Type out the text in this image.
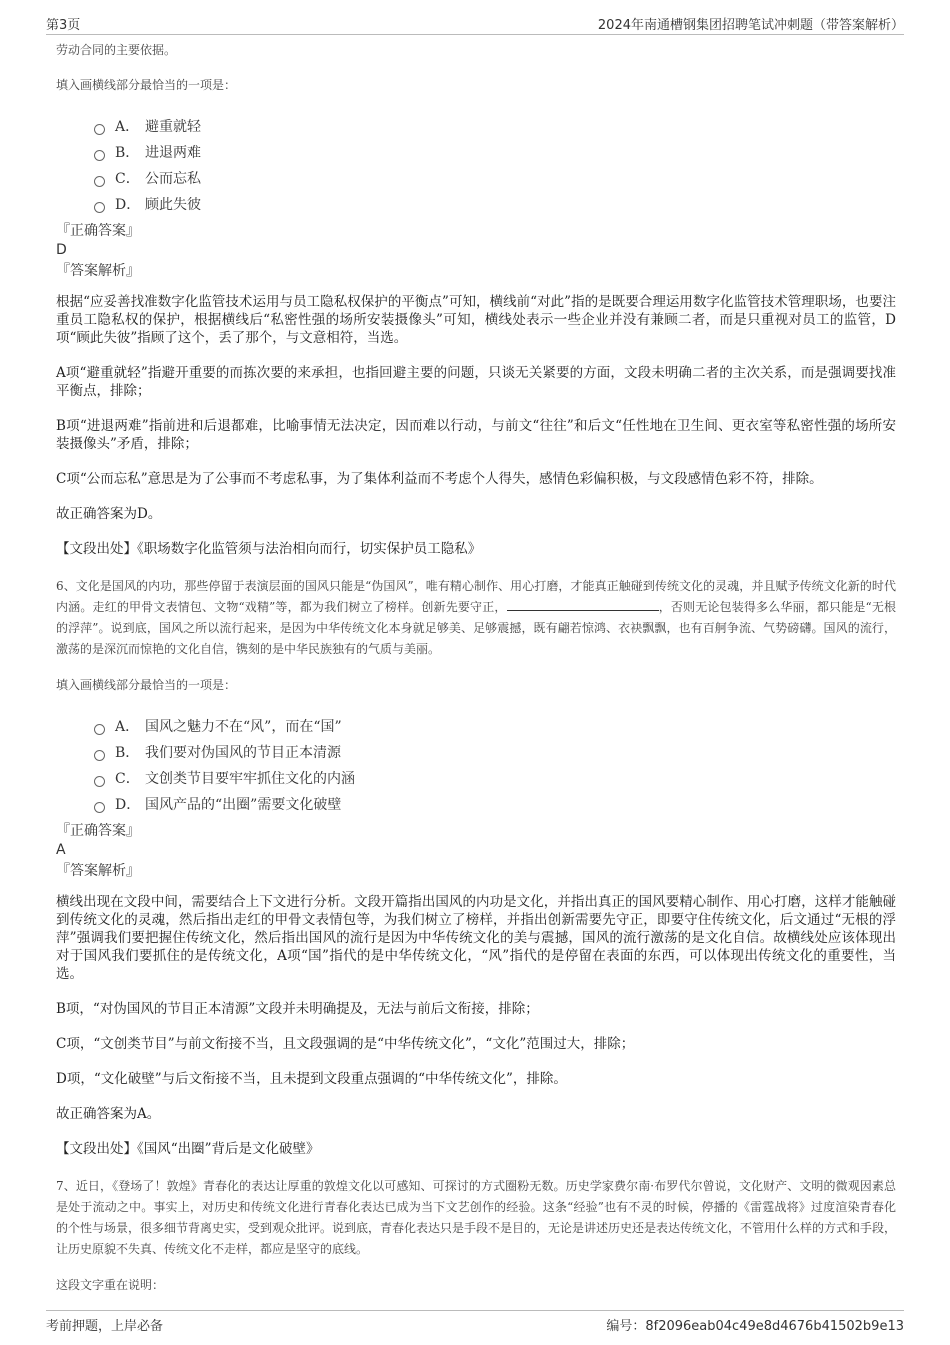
第3页	2024年南通槽钢集团招聘笔试冲刺题（带答案解析）
劳动合同的主要依据。
填入画横线部分最恰当的一项是：
A． 避重就轻
B． 进退两难
C． 公而忘私
D． 顾此失彼
『正确答案』
D
『答案解析』

根据“应妥善找准数字化监管技术运用与员工隐私权保护的平衡点”可知，横线前“对此”指的是既要合理运用数字化监管技术管理职场，也要注重员工隐私权的保护，根据横线后“私密性强的场所安装摄像头”可知，横线处表示一些企业并没有兼顾二者，而是只重视对员工的监管，D项“顾此失彼”指顾了这个，丢了那个，与文意相符，当选。

A项“避重就轻”指避开重要的而拣次要的来承担，也指回避主要的问题，只谈无关紧要的方面，文段未明确二者的主次关系，而是强调要找准平衡点，排除；

B项“进退两难”指前进和后退都难，比喻事情无法决定，因而难以行动，与前文“往往”和后文“任性地在卫生间、更衣室等私密性强的场所安装摄像头”矛盾，排除；

C项“公而忘私”意思是为了公事而不考虑私事，为了集体利益而不考虑个人得失，感情色彩偏积极，与文段感情色彩不符，排除。

故正确答案为D。

【文段出处】《职场数字化监管须与法治相向而行，切实保护员工隐私》

6、文化是国风的内功，那些停留于表演层面的国风只能是“伪国风”，唯有精心制作、用心打磨，才能真正触碰到传统文化的灵魂，并且赋予传统文化新的时代内涵。走红的甲骨文表情包、文物“戏精”等，都为我们树立了榜样。创新先要守正，	，否则无论包装得多么华丽，都只能是“无根的浮萍”。说到底，国风之所以流行起来，是因为中华传统文化本身就足够美、足够震撼，既有翩若惊鸿、衣袂飘飘，也有百舸争流、气势磅礴。国风的流行，激荡的是深沉而惊艳的文化自信，镌刻的是中华民族独有的气质与美丽。
填入画横线部分最恰当的一项是：
A． 国风之魅力不在“风”，而在“国”
B． 我们要对伪国风的节目正本清源
C． 文创类节目要牢牢抓住文化的内涵
D． 国风产品的“出圈”需要文化破壁
『正确答案』
A
『答案解析』

横线出现在文段中间，需要结合上下文进行分析。文段开篇指出国风的内功是文化，并指出真正的国风要精心制作、用心打磨，这样才能触碰到传统文化的灵魂，然后指出走红的甲骨文表情包等，为我们树立了榜样，并指出创新需要先守正，即要守住传统文化，后文通过“无根的浮萍”强调我们要把握住传统文化，然后指出国风的流行是因为中华传统文化的美与震撼，国风的流行激荡的是文化自信。故横线处应该体现出对于国风我们要抓住的是传统文化，A项“国”指代的是中华传统文化，“风”指代的是停留在表面的东西，可以体现出传统文化的重要性，当选。

B项，“对伪国风的节目正本清源”文段并未明确提及，无法与前后文衔接，排除；

C项，“文创类节目”与前文衔接不当，且文段强调的是“中华传统文化”，“文化”范围过大，排除；

D项，“文化破壁”与后文衔接不当，且未提到文段重点强调的“中华传统文化”，排除。

故正确答案为A。

【文段出处】《国风“出圈”背后是文化破壁》

7、近日，《登场了！敦煌》青春化的表达让厚重的敦煌文化以可感知、可探讨的方式圈粉无数。历史学家费尔南·布罗代尔曾说，文化财产、文明的微观因素总是处于流动之中。事实上，对历史和传统文化进行青春化表达已成为当下文艺创作的经验。这条“经验”也有不灵的时候，停播的《雷霆战将》过度渲染青春化的个性与场景，很多细节背离史实，受到观众批评。说到底，青春化表达只是手段不是目的，无论是讲述历史还是表达传统文化，不管用什么样的方式和手段，让历史原貌不失真、传统文化不走样，都应是坚守的底线。
这段文字重在说明：
考前押题，上岸必备	编号：8f2096eab04c49e8d4676b41502b9e13
